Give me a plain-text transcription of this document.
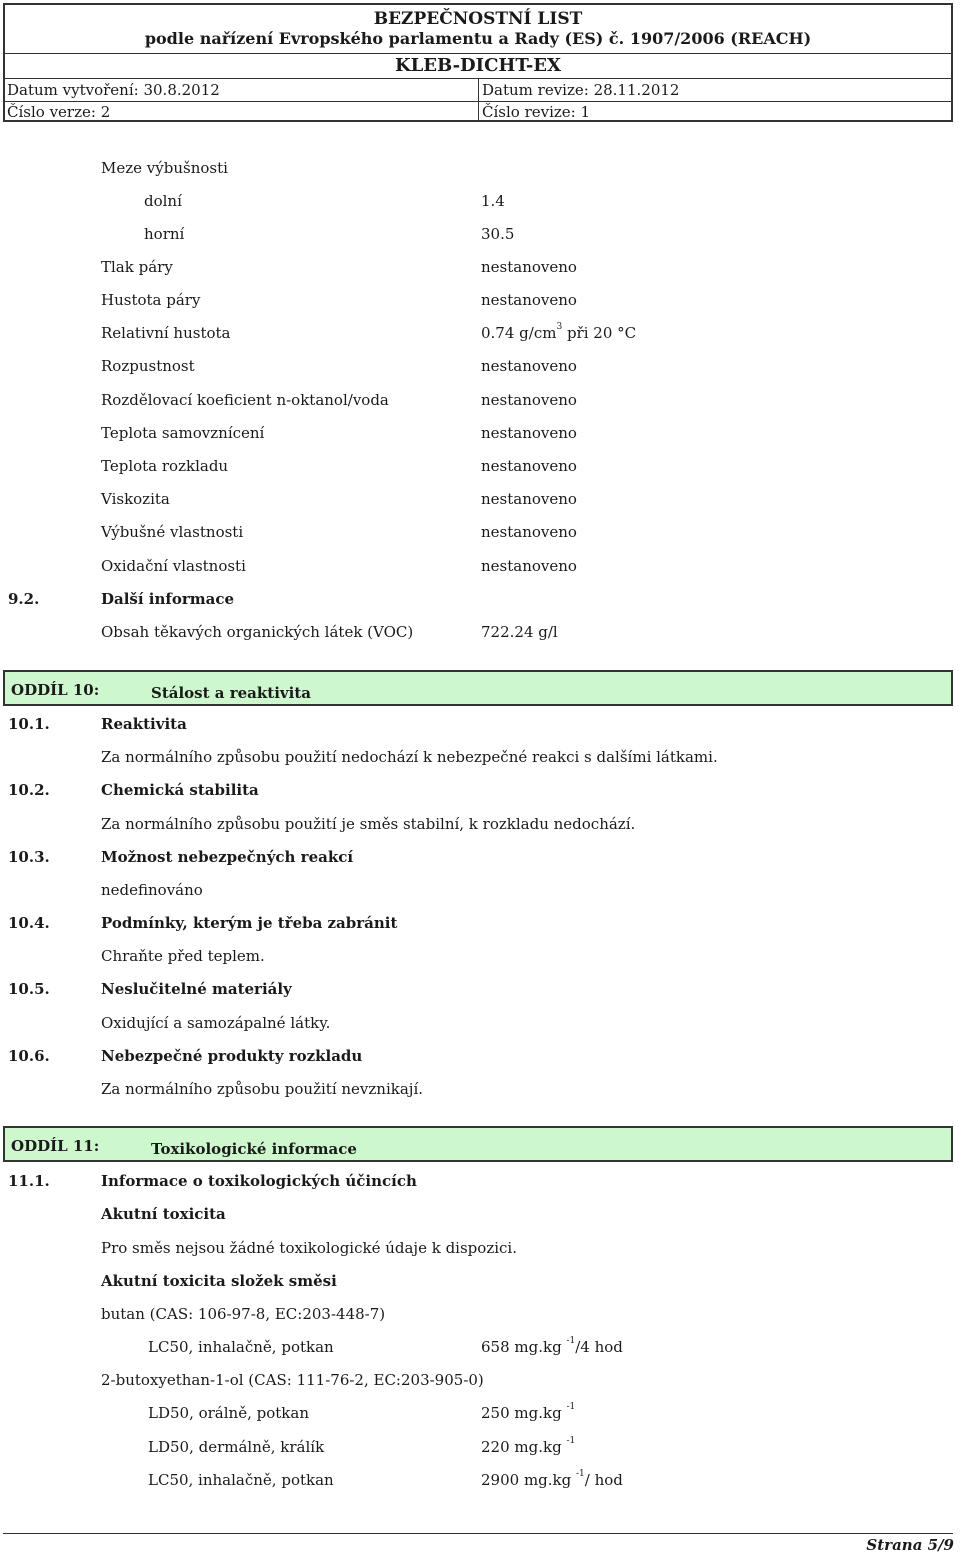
BEZPEČNOSTNÍ LIST
podle nařízení Evropského parlamentu a Rady (ES) č. 1907/2006 (REACH)
KLEB-DICHT-EX
Datum vytvoření: 30.8.2012	Datum revize: 28.11.2012
Číslo verze: 2	Číslo revize: 1
Meze výbušnosti
dolní	1.4
horní	30.5
Tlak páry	nestanoveno
Hustota páry	nestanoveno
Relativní hustota	0.74 $g/cm^3$ při 20 °C
Rozpustnost	nestanoveno
Rozdělovací koeficient n-oktanol/voda	nestanoveno
Teplota samovznícení	nestanoveno
Teplota rozkladu	nestanoveno
Viskozita	nestanoveno
Výbušné vlastnosti	nestanoveno
Oxidační vlastnosti	nestanoveno
9.2.	Další informace
Obsah těkavých organických látek (VOC)	722.24 g/l
ODDÍL 10:	Stálost a reaktivita
10.1.	Reaktivita
Za normálního způsobu použití nedochází k nebezpečné reakci s dalšími látkami.
10.2.	Chemická stabilita
Za normálního způsobu použití je směs stabilní, k rozkladu nedochází.
10.3.	Možnost nebezpečných reakcí
nedefinováno
10.4.	Podmínky, kterým je třeba zabránit
Chraňte před teplem.
10.5.	Neslučitelné materiály
Oxidující a samozápalné látky.
10.6.	Nebezpečné produkty rozkladu
Za normálního způsobu použití nevznikají.
ODDÍL 11:	Toxikologické informace
11.1.	Informace o toxikologických účincích
Akutní toxicita
Pro směs nejsou žádné toxikologické údaje k dispozici.
Akutní toxicita složek směsi
butan (CAS: 106-97-8, EC:203-448-7)
LC50, inhalačně, potkan	658 mg.kg $^{-1}$/4 hod
2-butoxyethan-1-ol (CAS: 111-76-2, EC:203-905-0)
LD50, orálně, potkan	250 mg.kg $^{-1}$
LD50, dermálně, králík	220 mg.kg $^{-1}$
LC50, inhalačně, potkan	2900 mg.kg $^{-1}$/ hod
Strana 5/9
